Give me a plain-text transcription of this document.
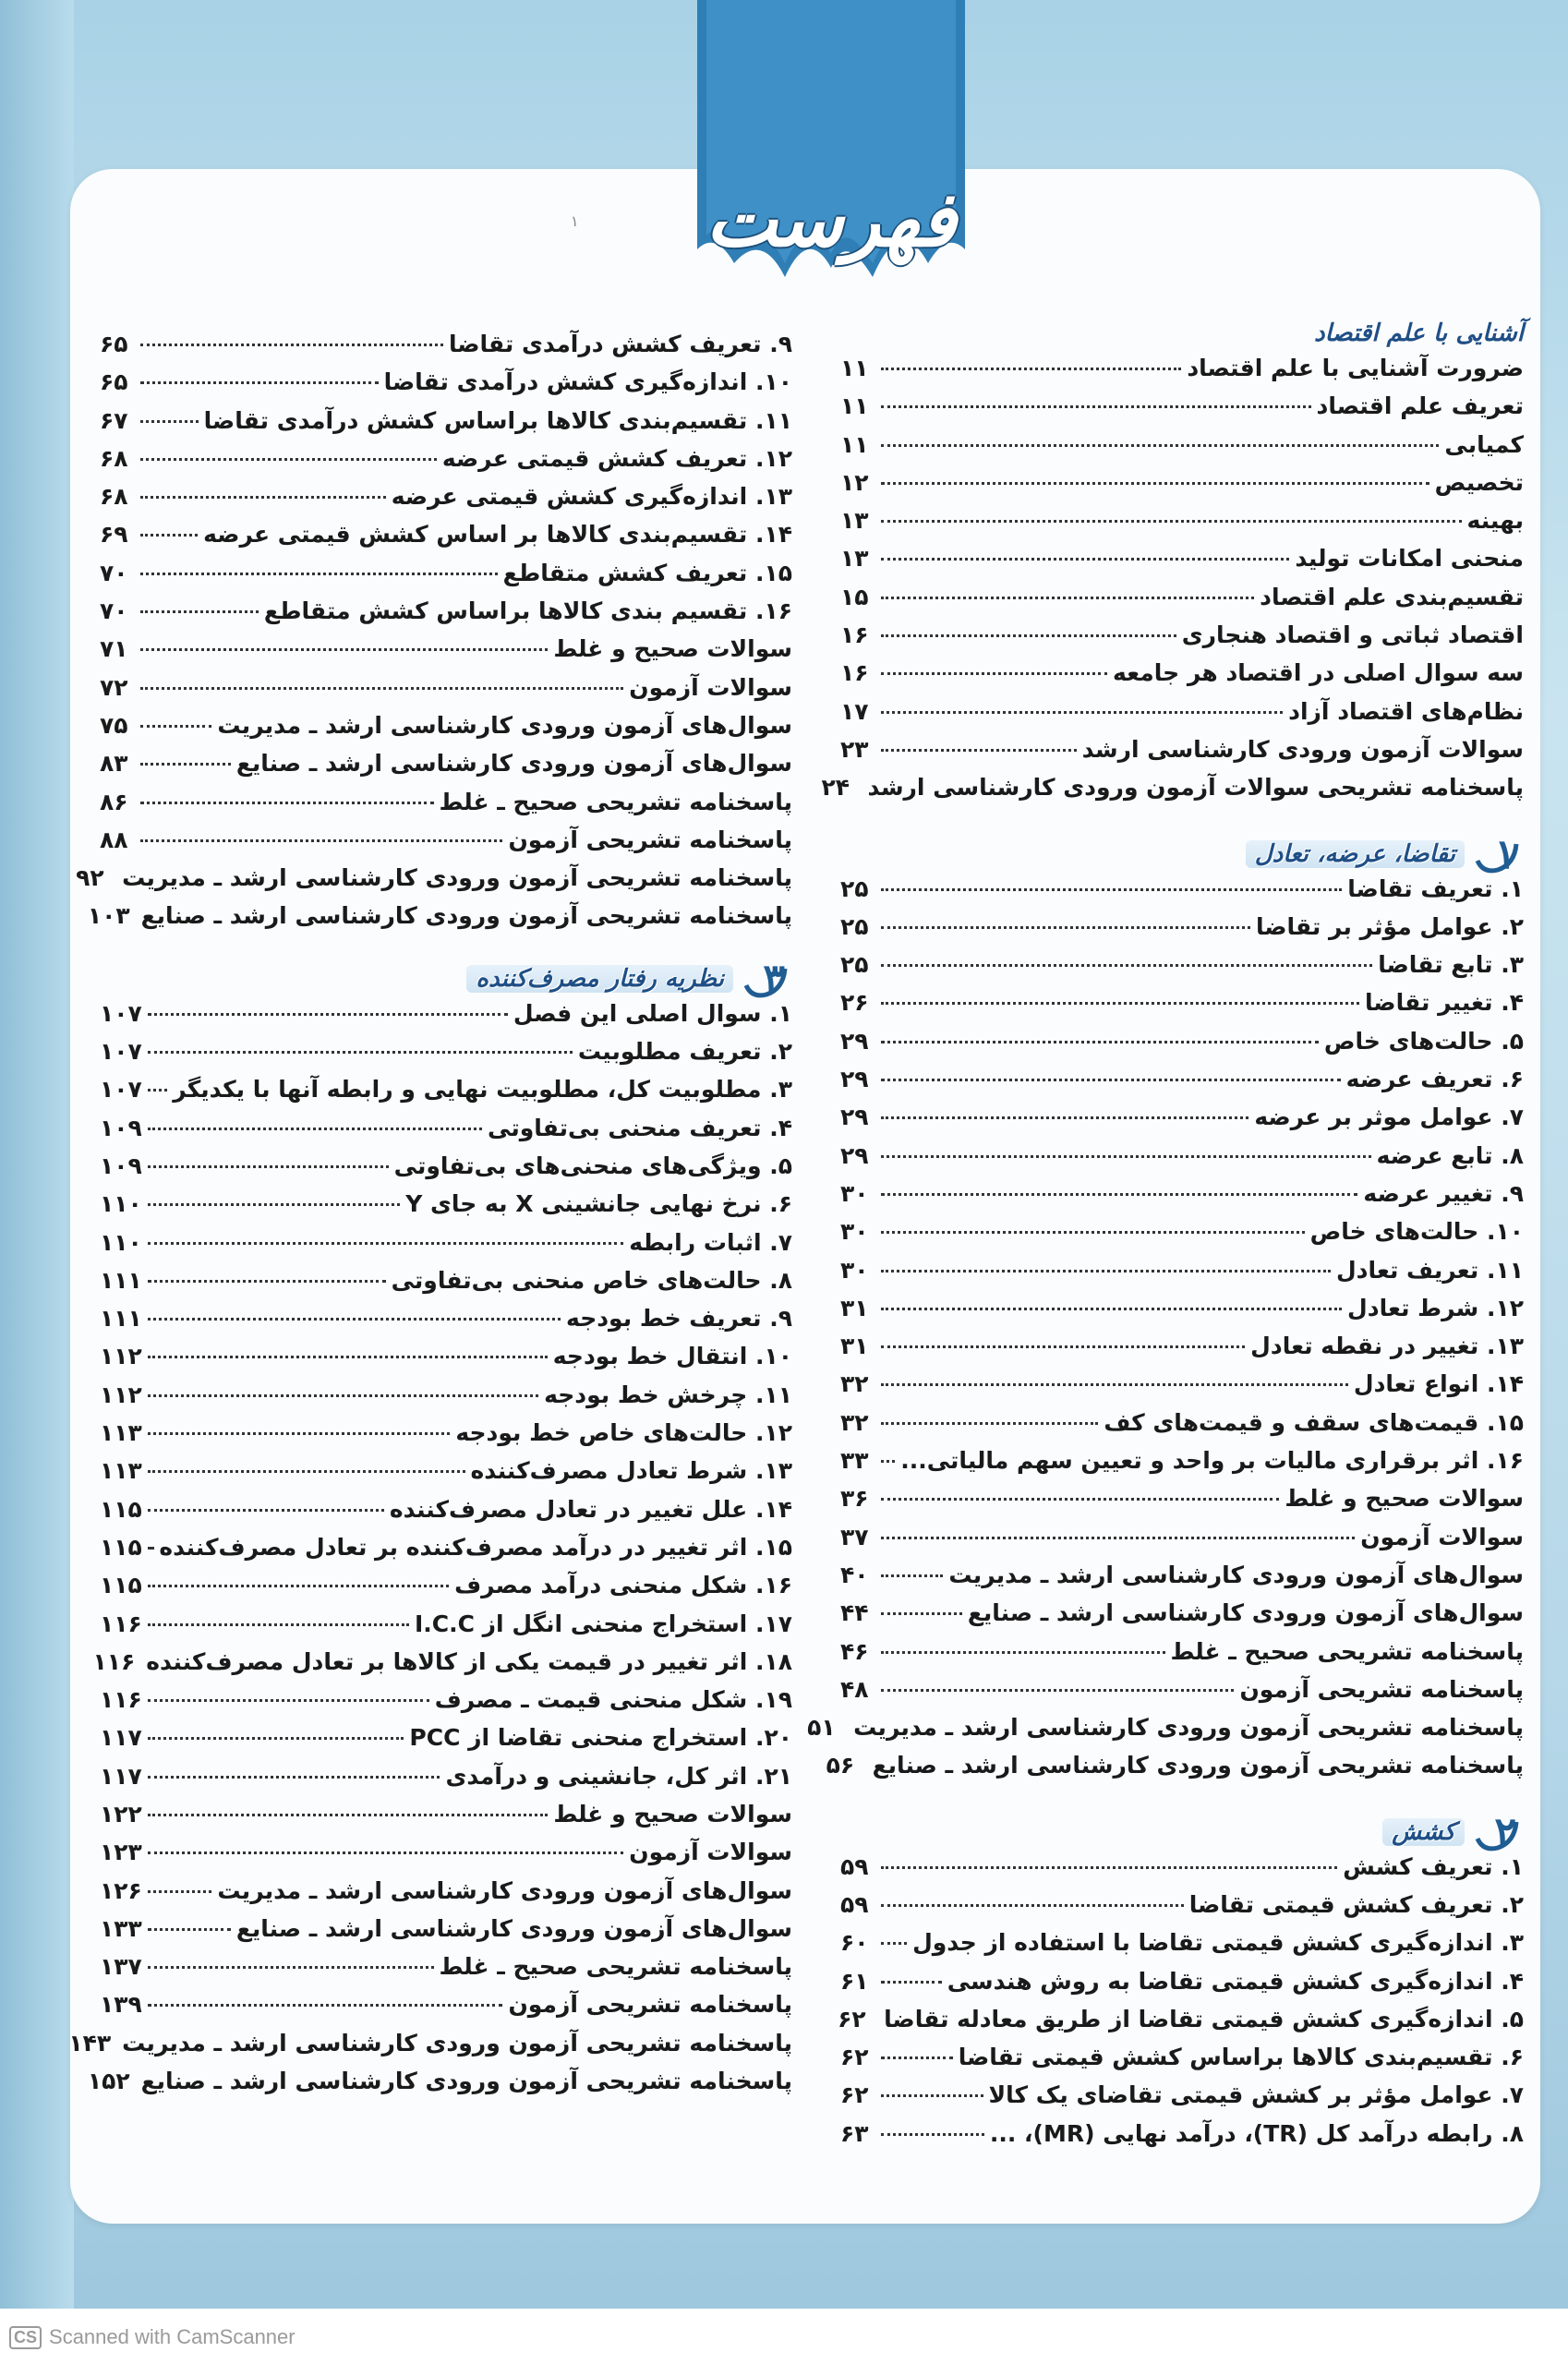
فهرست
۱
آشنایی با علم اقتصاد
ضرورت آشنایی با علم اقتصاد
۱۱
تعریف علم اقتصاد
۱۱
کمیابی
۱۱
تخصیص
۱۲
بهینه
۱۳
منحنی امکانات تولید
۱۳
تقسیم‌بندی علم اقتصاد
۱۵
اقتصاد ثباتی و اقتصاد هنجاری
۱۶
سه سوال اصلی در اقتصاد هر جامعه
۱۶
نظام‌های اقتصاد آزاد
۱۷
سوالات آزمون ورودی کارشناسی ارشد
۲۳
پاسخنامه تشریحی سوالات آزمون ورودی کارشناسی ارشد
۲۴
۱
تقاضا، عرضه، تعادل
۱. تعریف تقاضا
۲۵
۲. عوامل مؤثر بر تقاضا
۲۵
۳. تابع تقاضا
۲۵
۴. تغییر تقاضا
۲۶
۵. حالت‌های خاص
۲۹
۶. تعریف عرضه
۲۹
۷. عوامل موثر بر عرضه
۲۹
۸. تابع عرضه
۲۹
۹. تغییر عرضه
۳۰
۱۰. حالت‌های خاص
۳۰
۱۱. تعریف تعادل
۳۰
۱۲. شرط تعادل
۳۱
۱۳. تغییر در نقطه تعادل
۳۱
۱۴. انواع تعادل
۳۲
۱۵. قیمت‌های سقف و قیمت‌های کف
۳۲
۱۶. اثر برقراری مالیات بر واحد و تعیین سهم مالیاتی...
۳۳
سوالات صحیح و غلط
۳۶
سوالات آزمون
۳۷
سوال‌های آزمون ورودی کارشناسی ارشد ـ مدیریت
۴۰
سوال‌های آزمون ورودی کارشناسی ارشد ـ صنایع
۴۴
پاسخنامه تشریحی صحیح ـ غلط
۴۶
پاسخنامه تشریحی آزمون
۴۸
پاسخنامه تشریحی آزمون ورودی کارشناسی ارشد ـ مدیریت
۵۱
پاسخنامه تشریحی آزمون ورودی کارشناسی ارشد ـ صنایع
۵۶
۲
کشش
۱. تعریف کشش
۵۹
۲. تعریف کشش قیمتی تقاضا
۵۹
۳. اندازه‌گیری کشش قیمتی تقاضا با استفاده از جدول
۶۰
۴. اندازه‌گیری کشش قیمتی تقاضا به روش هندسی
۶۱
۵. اندازه‌گیری کشش قیمتی تقاضا از طریق معادله تقاضا
۶۲
۶. تقسیم‌بندی کالاها براساس کشش قیمتی تقاضا
۶۲
۷. عوامل مؤثر بر کشش قیمتی تقاضای یک کالا
۶۲
۸. رابطه درآمد کل (TR)، درآمد نهایی (MR)، ...
۶۳
۹. تعریف کشش درآمدی تقاضا
۶۵
۱۰. اندازه‌گیری کشش درآمدی تقاضا
۶۵
۱۱. تقسیم‌بندی کالاها براساس کشش درآمدی تقاضا
۶۷
۱۲. تعریف کشش قیمتی عرضه
۶۸
۱۳. اندازه‌گیری کشش قیمتی عرضه
۶۸
۱۴. تقسیم‌بندی کالاها بر اساس کشش قیمتی عرضه
۶۹
۱۵. تعریف کشش متقاطع
۷۰
۱۶. تقسیم بندی کالاها براساس کشش متقاطع
۷۰
سوالات صحیح و غلط
۷۱
سوالات آزمون
۷۲
سوال‌های آزمون ورودی کارشناسی ارشد ـ مدیریت
۷۵
سوال‌های آزمون ورودی کارشناسی ارشد ـ صنایع
۸۳
پاسخنامه تشریحی صحیح ـ غلط
۸۶
پاسخنامه تشریحی آزمون
۸۸
پاسخنامه تشریحی آزمون ورودی کارشناسی ارشد ـ مدیریت
۹۲
پاسخنامه تشریحی آزمون ورودی کارشناسی ارشد ـ صنایع
۱۰۳
۳
نظریه رفتار مصرف‌کننده
۱. سوال اصلی این فصل
۱۰۷
۲. تعریف مطلوبیت
۱۰۷
۳. مطلوبیت کل، مطلوبیت نهایی و رابطه آنها با یکدیگر
۱۰۷
۴. تعریف منحنی بی‌تفاوتی
۱۰۹
۵. ویژگی‌های منحنی‌های بی‌تفاوتی
۱۰۹
۶. نرخ نهایی جانشینی X به جای Y
۱۱۰
۷. اثبات رابطه
۱۱۰
۸. حالت‌های خاص منحنی بی‌تفاوتی
۱۱۱
۹. تعریف خط بودجه
۱۱۱
۱۰. انتقال خط بودجه
۱۱۲
۱۱. چرخش خط بودجه
۱۱۲
۱۲. حالت‌های خاص خط بودجه
۱۱۳
۱۳. شرط تعادل مصرف‌کننده
۱۱۳
۱۴. علل تغییر در تعادل مصرف‌کننده
۱۱۵
۱۵. اثر تغییر در درآمد مصرف‌کننده بر تعادل مصرف‌کننده
۱۱۵
۱۶. شکل منحنی درآمد مصرف
۱۱۵
۱۷. استخراج منحنی انگل از I.C.C
۱۱۶
۱۸. اثر تغییر در قیمت یکی از کالاها بر تعادل مصرف‌کننده
۱۱۶
۱۹. شکل منحنی قیمت ـ مصرف
۱۱۶
۲۰. استخراج منحنی تقاضا از PCC
۱۱۷
۲۱. اثر کل، جانشینی و درآمدی
۱۱۷
سوالات صحیح و غلط
۱۲۲
سوالات آزمون
۱۲۳
سوال‌های آزمون ورودی کارشناسی ارشد ـ مدیریت
۱۲۶
سوال‌های آزمون ورودی کارشناسی ارشد ـ صنایع
۱۳۳
پاسخنامه تشریحی صحیح ـ غلط
۱۳۷
پاسخنامه تشریحی آزمون
۱۳۹
پاسخنامه تشریحی آزمون ورودی کارشناسی ارشد ـ مدیریت
۱۴۳
پاسخنامه تشریحی آزمون ورودی کارشناسی ارشد ـ صنایع
۱۵۲
CS Scanned with CamScanner
